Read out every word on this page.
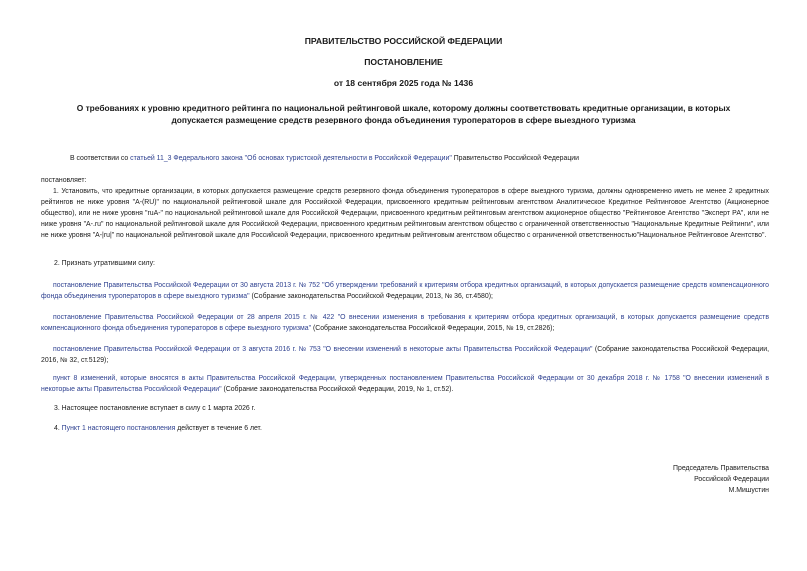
ПРАВИТЕЛЬСТВО РОССИЙСКОЙ ФЕДЕРАЦИИ
ПОСТАНОВЛЕНИЕ
от 18 сентября 2025 года № 1436
О требованиях к уровню кредитного рейтинга по национальной рейтинговой шкале, которому должны соответствовать кредитные организации, в которых допускается размещение средств резервного фонда объединения туроператоров в сфере выездного туризма
В соответствии со статьей 11_3 Федерального закона "Об основах туристской деятельности в Российской Федерации" Правительство Российской Федерации
постановляет:
1. Установить, что кредитные организации, в которых допускается размещение средств резервного фонда объединения туроператоров в сфере выездного туризма, должны одновременно иметь не менее 2 кредитных рейтингов не ниже уровня "A-(RU)" по национальной рейтинговой шкале для Российской Федерации, присвоенного кредитным рейтинговым агентством Аналитическое Кредитное Рейтинговое Агентство (Акционерное общество), или не ниже уровня "ruA-" по национальной рейтинговой шкале для Российской Федерации, присвоенного кредитным рейтинговым агентством акционерное общество "Рейтинговое Агентство "Эксперт РА", или не ниже уровня "A-.ru" по национальной рейтинговой шкале для Российской Федерации, присвоенного кредитным рейтинговым агентством общество с ограниченной ответственностью "Национальные Кредитные Рейтинги", или не ниже уровня "A-|ru|" по национальной рейтинговой шкале для Российской Федерации, присвоенного кредитным рейтинговым агентством общество с ограниченной ответственностью"Национальное Рейтинговое Агентство".
2. Признать утратившими силу:
постановление Правительства Российской Федерации от 30 августа 2013 г. № 752 "Об утверждении требований к критериям отбора кредитных организаций, в которых допускается размещение средств компенсационного фонда объединения туроператоров в сфере выездного туризма" (Собрание законодательства Российской Федерации, 2013, № 36, ст.4580);
постановление Правительства Российской Федерации от 28 апреля 2015 г. № 422 "О внесении изменения в требования к критериям отбора кредитных организаций, в которых допускается размещение средств компенсационного фонда объединения туроператоров в сфере выездного туризма" (Собрание законодательства Российской Федерации, 2015, № 19, ст.2826);
постановление Правительства Российской Федерации от 3 августа 2016 г. № 753 "О внесении изменений в некоторые акты Правительства Российской Федерации" (Собрание законодательства Российской Федерации, 2016, № 32, ст.5129);
пункт 8 изменений, которые вносятся в акты Правительства Российской Федерации, утвержденных постановлением Правительства Российской Федерации от 30 декабря 2018 г. № 1758 "О внесении изменений в некоторые акты Правительства Российской Федерации" (Собрание законодательства Российской Федерации, 2019, № 1, ст.52).
3. Настоящее постановление вступает в силу с 1 марта 2026 г.
4. Пункт 1 настоящего постановления действует в течение 6 лет.
Председатель Правительства
Российской Федерации
М.Мишустин
